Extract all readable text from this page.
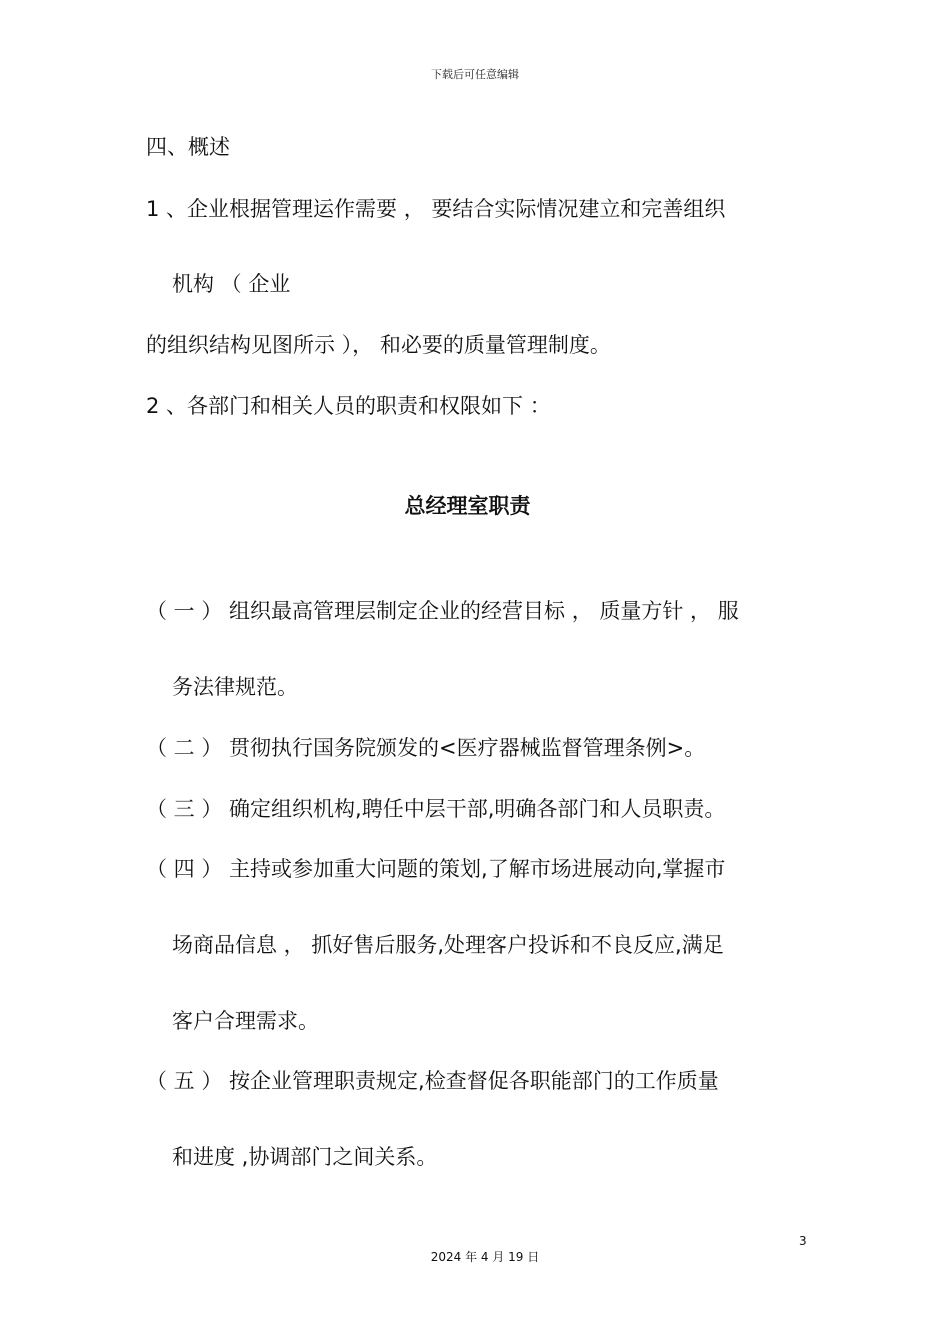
下载后可任意编辑
四、概述
1 、企业根据管理运作需要 ， 要结合实际情况建立和完善组织
机构 （ 企业
的组织结构见图所示 ）， 和必要的质量管理制度。
2 、各部门和相关人员的职责和权限如下 ：
总经理室职责
（ 一 ） 组织最高管理层制定企业的经营目标 ， 质量方针 ， 服
务法律规范。
（ 二 ） 贯彻执行国务院颁发的<医疗器械监督管理条例>。
（ 三 ） 确定组织机构,聘任中层干部,明确各部门和人员职责。
（ 四 ） 主持或参加重大问题的策划,了解市场进展动向,掌握市
场商品信息 ， 抓好售后服务,处理客户投诉和不良反应,满足
客户合理需求。
（ 五 ） 按企业管理职责规定,检查督促各职能部门的工作质量
和进度 ,协调部门之间关系。
3
2024 年 4 月 19 日
